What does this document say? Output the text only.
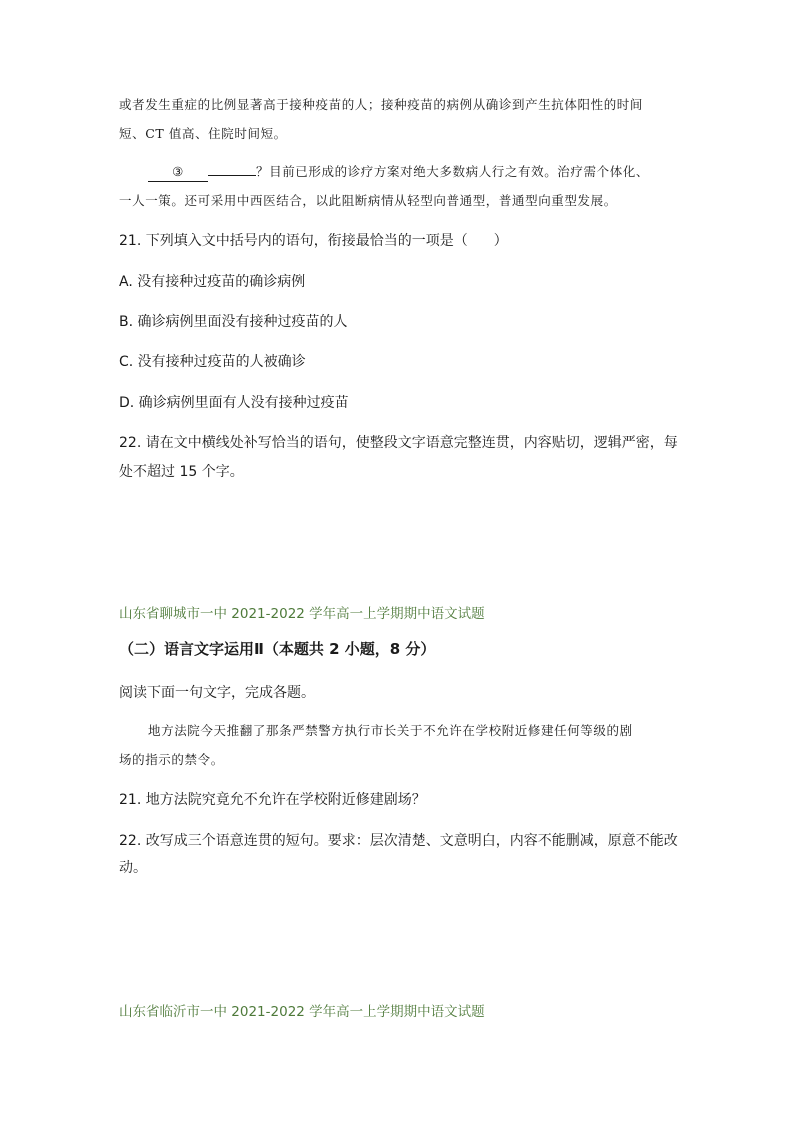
或者发生重症的比例显著高于接种疫苗的人；接种疫苗的病例从确诊到产生抗体阳性的时间
短、CT 值高、住院时间短。
③	？目前已形成的诊疗方案对绝大多数病人行之有效。治疗需个体化、
一人一策。还可采用中西医结合，以此阻断病情从轻型向普通型，普通型向重型发展。
21. 下列填入文中括号内的语句，衔接最恰当的一项是（ ）
A. 没有接种过疫苗的确诊病例
B. 确诊病例里面没有接种过疫苗的人
C. 没有接种过疫苗的人被确诊
D. 确诊病例里面有人没有接种过疫苗
22. 请在文中横线处补写恰当的语句，使整段文字语意完整连贯，内容贴切，逻辑严密，每
处不超过 15 个字。
山东省聊城市一中 2021-2022 学年高一上学期期中语文试题
（二）语言文字运用Ⅱ（本题共 2 小题，8 分）
阅读下面一句文字，完成各题。
地方法院今天推翻了那条严禁警方执行市长关于不允许在学校附近修建任何等级的剧
场的指示的禁令。
21. 地方法院究竟允不允许在学校附近修建剧场？
22. 改写成三个语意连贯的短句。要求：层次清楚、文意明白，内容不能删减，原意不能改
动。
山东省临沂市一中 2021-2022 学年高一上学期期中语文试题
